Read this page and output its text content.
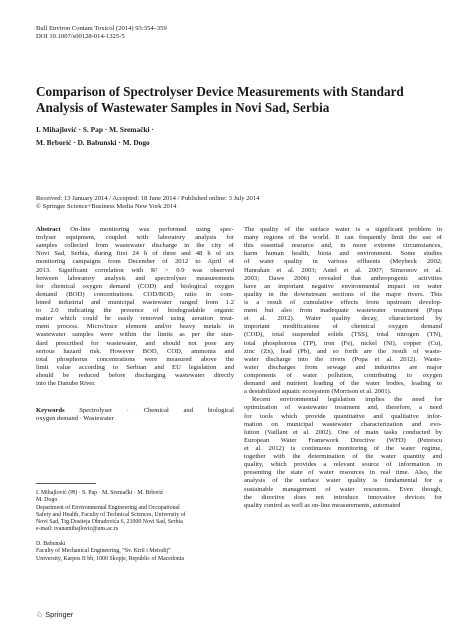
Bull Environ Contam Toxicol (2014) 93:354–359
DOI 10.1007/s00128-014-1325-5
Comparison of Spectrolyser Device Measurements with Standard
Analysis of Wastewater Samples in Novi Sad, Serbia
I. Mihajlović · S. Pap · M. Sremački ·
M. Brborić · D. Babunski · M. Dogo
Received: 13 January 2014 / Accepted: 18 June 2014 / Published online: 3 July 2014
© Springer Science+Business Media New York 2014
Abstract On-line monitoring was performed using spec-
trolyser equipment, coupled with laboratory analysis for
samples collected from wastewater discharge in the city of
Novi Sad, Serbia, during first 24 h of three and 48 h of six
monitoring campaigns from December of 2012 to April of
2013. Significant correlation with R² > 0.9 was observed
between laboratory analysis and spectrolyser measurements
for chemical oxygen demand (COD) and biological oxygen
demand (BOD) concentrations. COD/BOD₅ ratio in com-
bined industrial and municipal wastewater ranged from 1.2
to 2.0 indicating the presence of biodegradable organic
matter which could be easily removed using aeration treat-
ment process. Micro/trace element and/or heavy metals in
wastewater samples were within the limits as per the stan-
dard prescribed for wastewater, and should not pose any
serious hazard risk. However BOD, COD, ammonia and
total phosphorus concentrations were measured above the
limit value according to Serbian and EU legislation and
should be reduced before discharging wastewater directly
into the Danube River.
Keywords Spectrolyser · Chemical and biological
oxygen demand · Wastewater
I. Mihajlović (✉) · S. Pap · M. Sremački · M. Brborić ·
M. Dogo
Department of Environmental Engineering and Occupational
Safety and Health, Faculty of Technical Sciences, University of
Novi Sad, Trg Dositeja Obradovića 6, 21000 Novi Sad, Serbia
e-mail: ivanamihajlovic@uns.ac.rs
D. Babunski
Faculty of Mechanical Engineering, “Sv. Kiril i Metodij”
University, Karpos II bb, 1000 Skopje, Republic of Macedonia
The quality of the surface water is a significant problem in
many regions of the world. It can frequently limit the use of
this essential resource and, in more extreme circumstances,
harm human health, biota and environment. Some studies
of water quality in various effluents (Meybeck 2002;
Hanrahan et al. 2003; Astel et al. 2007; Simeonov et al.
2003; Dawe 2006) revealed that anthropogenic activities
have an important negative environmental impact on water
quality in the downstream sections of the major rivers. This
is a result of cumulative effects from upstream develop-
ment but also from inadequate wastewater treatment (Popa
et al. 2012). Water quality decay, characterized by
important modifications of chemical oxygen demand
(COD), total suspended solids (TSS), total nitrogen (TN),
total phosphorous (TP), iron (Fe), nickel (Ni), copper (Cu),
zinc (Zn), lead (Pb), and so forth are the result of waste-
water discharge into the rivers (Popa et al. 2012). Waste-
water discharges from sewage and industries are major
components of water pollution, contributing to oxygen
demand and nutrient loading of the water bodies, leading to
a destabilized aquatic ecosystem (Morrison et al. 2001).
Recent environmental legislation implies the need for
optimization of wastewater treatment and, therefore, a need
for tools which provide quantitative and qualitative infor-
mation on municipal wastewater characterization and evo-
lution (Vaillant et al. 2002). One of main tasks conducted by
European Water Framework Directive (WFD) (Petrescu
et al. 2012) is continuous monitoring of the water regime,
together with the determination of the water quantity and
quality, which provides a relevant source of information in
presenting the state of water resources in real time. Also, the
analysis of the surface water quality is fundamental for a
sustainable management of water resources. Even though,
the directive does not introduce innovative devices for
quality control as well as on-line measurements, automated
♘ Springer
